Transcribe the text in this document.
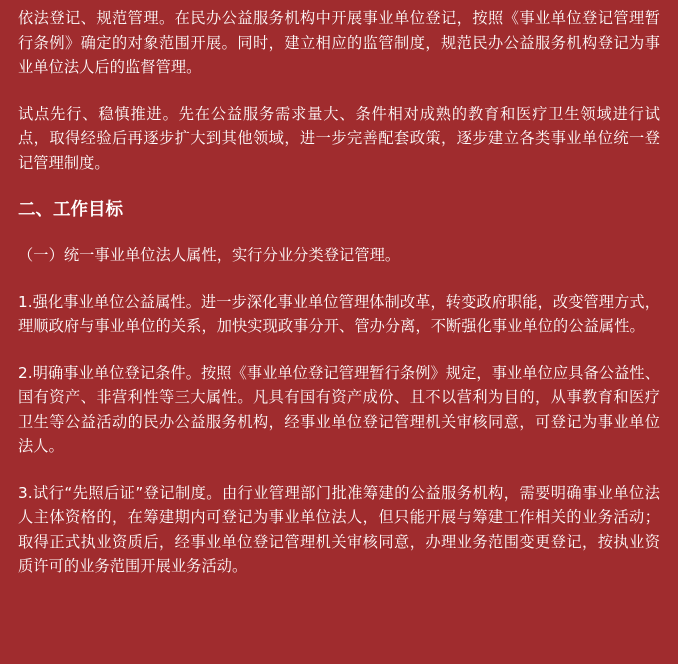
依法登记、规范管理。在民办公益服务机构中开展事业单位登记，按照《事业单位登记管理暂行条例》确定的对象范围开展。同时，建立相应的监管制度，规范民办公益服务机构登记为事业单位法人后的监督管理。

试点先行、稳慎推进。先在公益服务需求量大、条件相对成熟的教育和医疗卫生领域进行试点，取得经验后再逐步扩大到其他领域，进一步完善配套政策，逐步建立各类事业单位统一登记管理制度。

二、工作目标

（一）统一事业单位法人属性，实行分业分类登记管理。

1.强化事业单位公益属性。进一步深化事业单位管理体制改革，转变政府职能，改变管理方式，理顺政府与事业单位的关系，加快实现政事分开、管办分离，不断强化事业单位的公益属性。

2.明确事业单位登记条件。按照《事业单位登记管理暂行条例》规定，事业单位应具备公益性、国有资产、非营利性等三大属性。凡具有国有资产成份、且不以营利为目的，从事教育和医疗卫生等公益活动的民办公益服务机构，经事业单位登记管理机关审核同意，可登记为事业单位法人。

3.试行“先照后证”登记制度。由行业管理部门批准筹建的公益服务机构，需要明确事业单位法人主体资格的，在筹建期内可登记为事业单位法人，但只能开展与筹建工作相关的业务活动；取得正式执业资质后，经事业单位登记管理机关审核同意，办理业务范围变更登记，按执业资质许可的业务范围开展业务活动。
